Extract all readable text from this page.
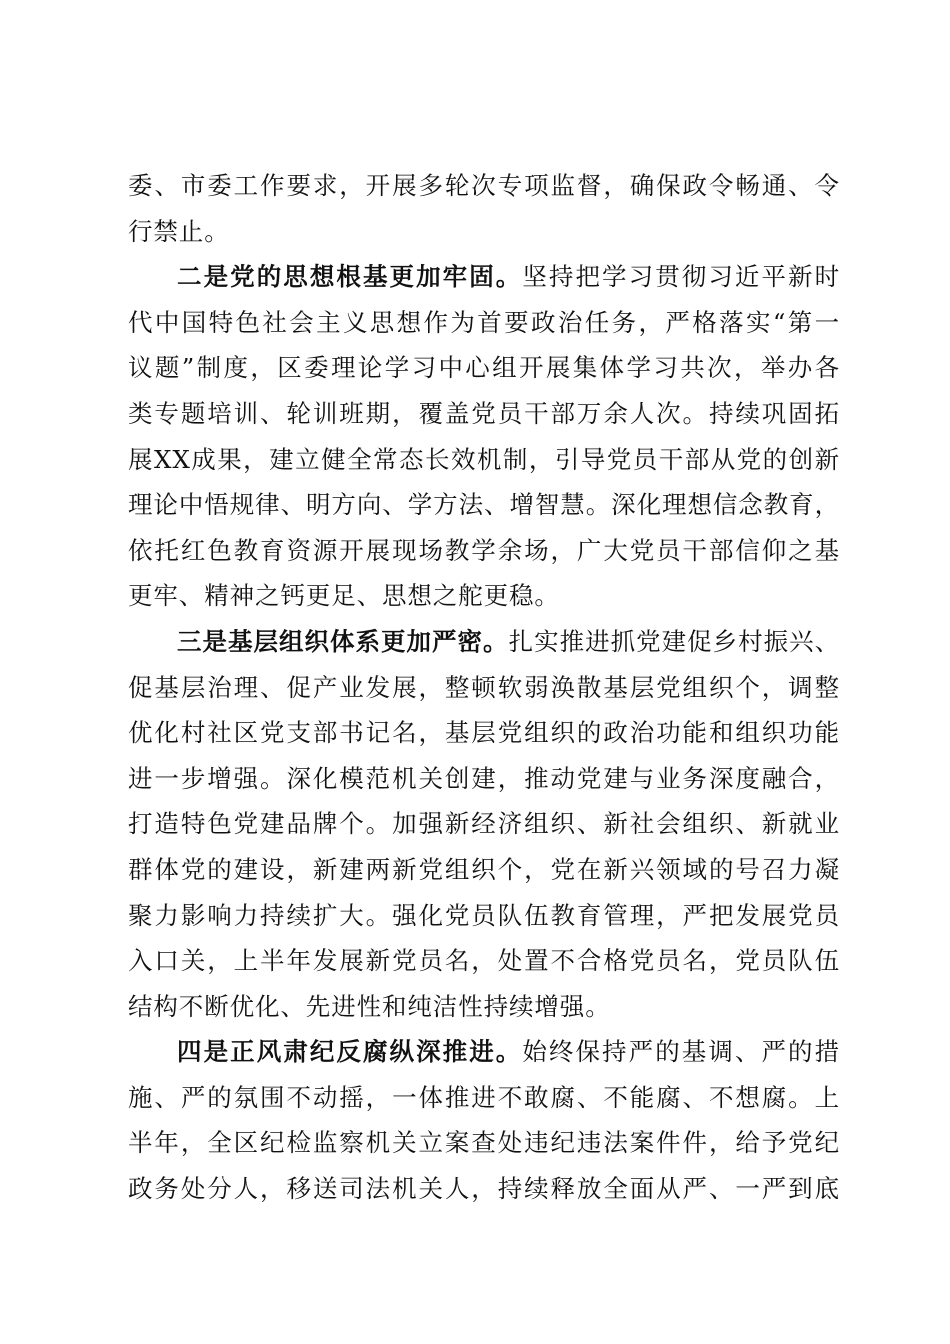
委、市委工作要求，开展多轮次专项监督，确保政令畅通、令
行禁止。
二是党的思想根基更加牢固。坚持把学习贯彻习近平新时
代中国特色社会主义思想作为首要政治任务，严格落实“第一
议题”制度，区委理论学习中心组开展集体学习共次，举办各
类专题培训、轮训班期，覆盖党员干部万余人次。持续巩固拓
展XX成果，建立健全常态长效机制，引导党员干部从党的创新
理论中悟规律、明方向、学方法、增智慧。深化理想信念教育，
依托红色教育资源开展现场教学余场，广大党员干部信仰之基
更牢、精神之钙更足、思想之舵更稳。
三是基层组织体系更加严密。扎实推进抓党建促乡村振兴、
促基层治理、促产业发展，整顿软弱涣散基层党组织个，调整
优化村社区党支部书记名，基层党组织的政治功能和组织功能
进一步增强。深化模范机关创建，推动党建与业务深度融合，
打造特色党建品牌个。加强新经济组织、新社会组织、新就业
群体党的建设，新建两新党组织个，党在新兴领域的号召力凝
聚力影响力持续扩大。强化党员队伍教育管理，严把发展党员
入口关，上半年发展新党员名，处置不合格党员名，党员队伍
结构不断优化、先进性和纯洁性持续增强。
四是正风肃纪反腐纵深推进。始终保持严的基调、严的措
施、严的氛围不动摇，一体推进不敢腐、不能腐、不想腐。上
半年，全区纪检监察机关立案查处违纪违法案件件，给予党纪
政务处分人，移送司法机关人，持续释放全面从严、一严到底
